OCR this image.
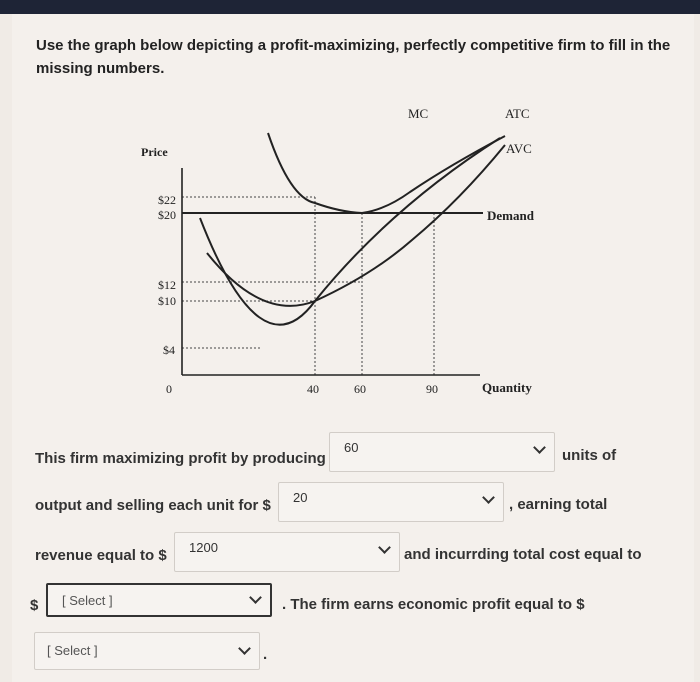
Use the graph below depicting a profit-maximizing, perfectly competitive firm to fill in the missing numbers.
Price
$22
$20
$12
$10
$4
0	40	60	90	Quantity
MC	ATC
AVC
Demand
This firm maximizing profit by producing
60	units of
output and selling each unit for $ 20	, earning total
revenue equal to $ 1200	and incurrding total cost equal to
$ [ Select ]	. The firm earns economic profit equal to $
[ Select ]	.
